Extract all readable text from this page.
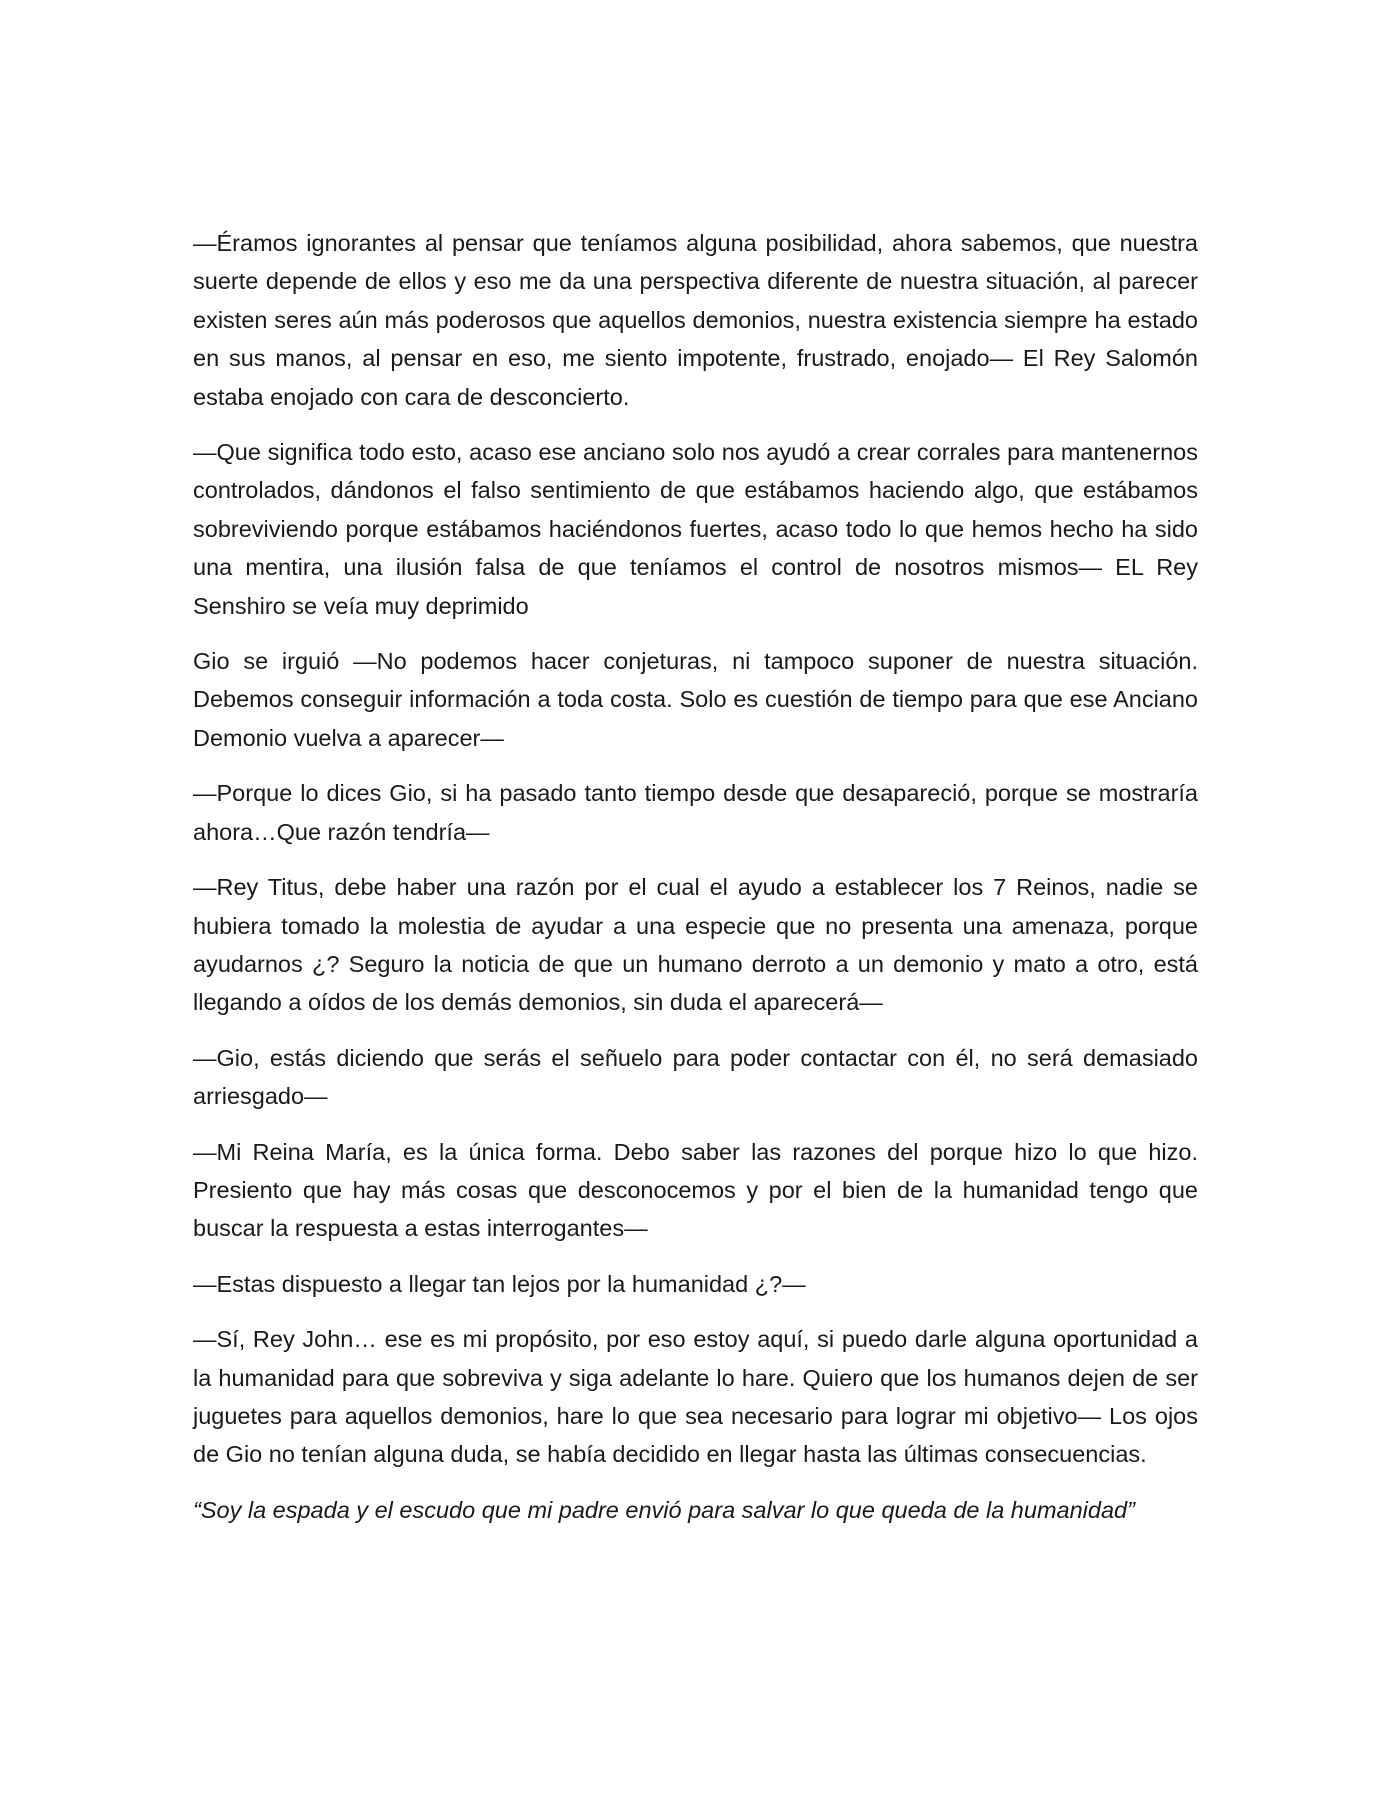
—Éramos ignorantes al pensar que teníamos alguna posibilidad, ahora sabemos, que nuestra suerte depende de ellos y eso me da una perspectiva diferente de nuestra situación, al parecer existen seres aún más poderosos que aquellos demonios, nuestra existencia siempre ha estado en sus manos, al pensar en eso, me siento impotente, frustrado, enojado— El Rey Salomón estaba enojado con cara de desconcierto.

—Que significa todo esto, acaso ese anciano solo nos ayudó a crear corrales para mantenernos controlados, dándonos el falso sentimiento de que estábamos haciendo algo, que estábamos sobreviviendo porque estábamos haciéndonos fuertes, acaso todo lo que hemos hecho ha sido una mentira, una ilusión falsa de que teníamos el control de nosotros mismos— EL Rey Senshiro se veía muy deprimido

Gio se irguió —No podemos hacer conjeturas, ni tampoco suponer de nuestra situación. Debemos conseguir información a toda costa. Solo es cuestión de tiempo para que ese Anciano Demonio vuelva a aparecer—

—Porque lo dices Gio, si ha pasado tanto tiempo desde que desapareció, porque se mostraría ahora…Que razón tendría—

—Rey Titus, debe haber una razón por el cual el ayudo a establecer los 7 Reinos, nadie se hubiera tomado la molestia de ayudar a una especie que no presenta una amenaza, porque ayudarnos ¿? Seguro la noticia de que un humano derroto a un demonio y mato a otro, está llegando a oídos de los demás demonios, sin duda el aparecerá—

—Gio, estás diciendo que serás el señuelo para poder contactar con él, no será demasiado arriesgado—

—Mi Reina María, es la única forma. Debo saber las razones del porque hizo lo que hizo. Presiento que hay más cosas que desconocemos y por el bien de la humanidad tengo que buscar la respuesta a estas interrogantes—

—Estas dispuesto a llegar tan lejos por la humanidad ¿?—

—Sí, Rey John… ese es mi propósito, por eso estoy aquí, si puedo darle alguna oportunidad a la humanidad para que sobreviva y siga adelante lo hare. Quiero que los humanos dejen de ser juguetes para aquellos demonios, hare lo que sea necesario para lograr mi objetivo— Los ojos de Gio no tenían alguna duda, se había decidido en llegar hasta las últimas consecuencias.

“Soy la espada y el escudo que mi padre envió para salvar lo que queda de la humanidad”
